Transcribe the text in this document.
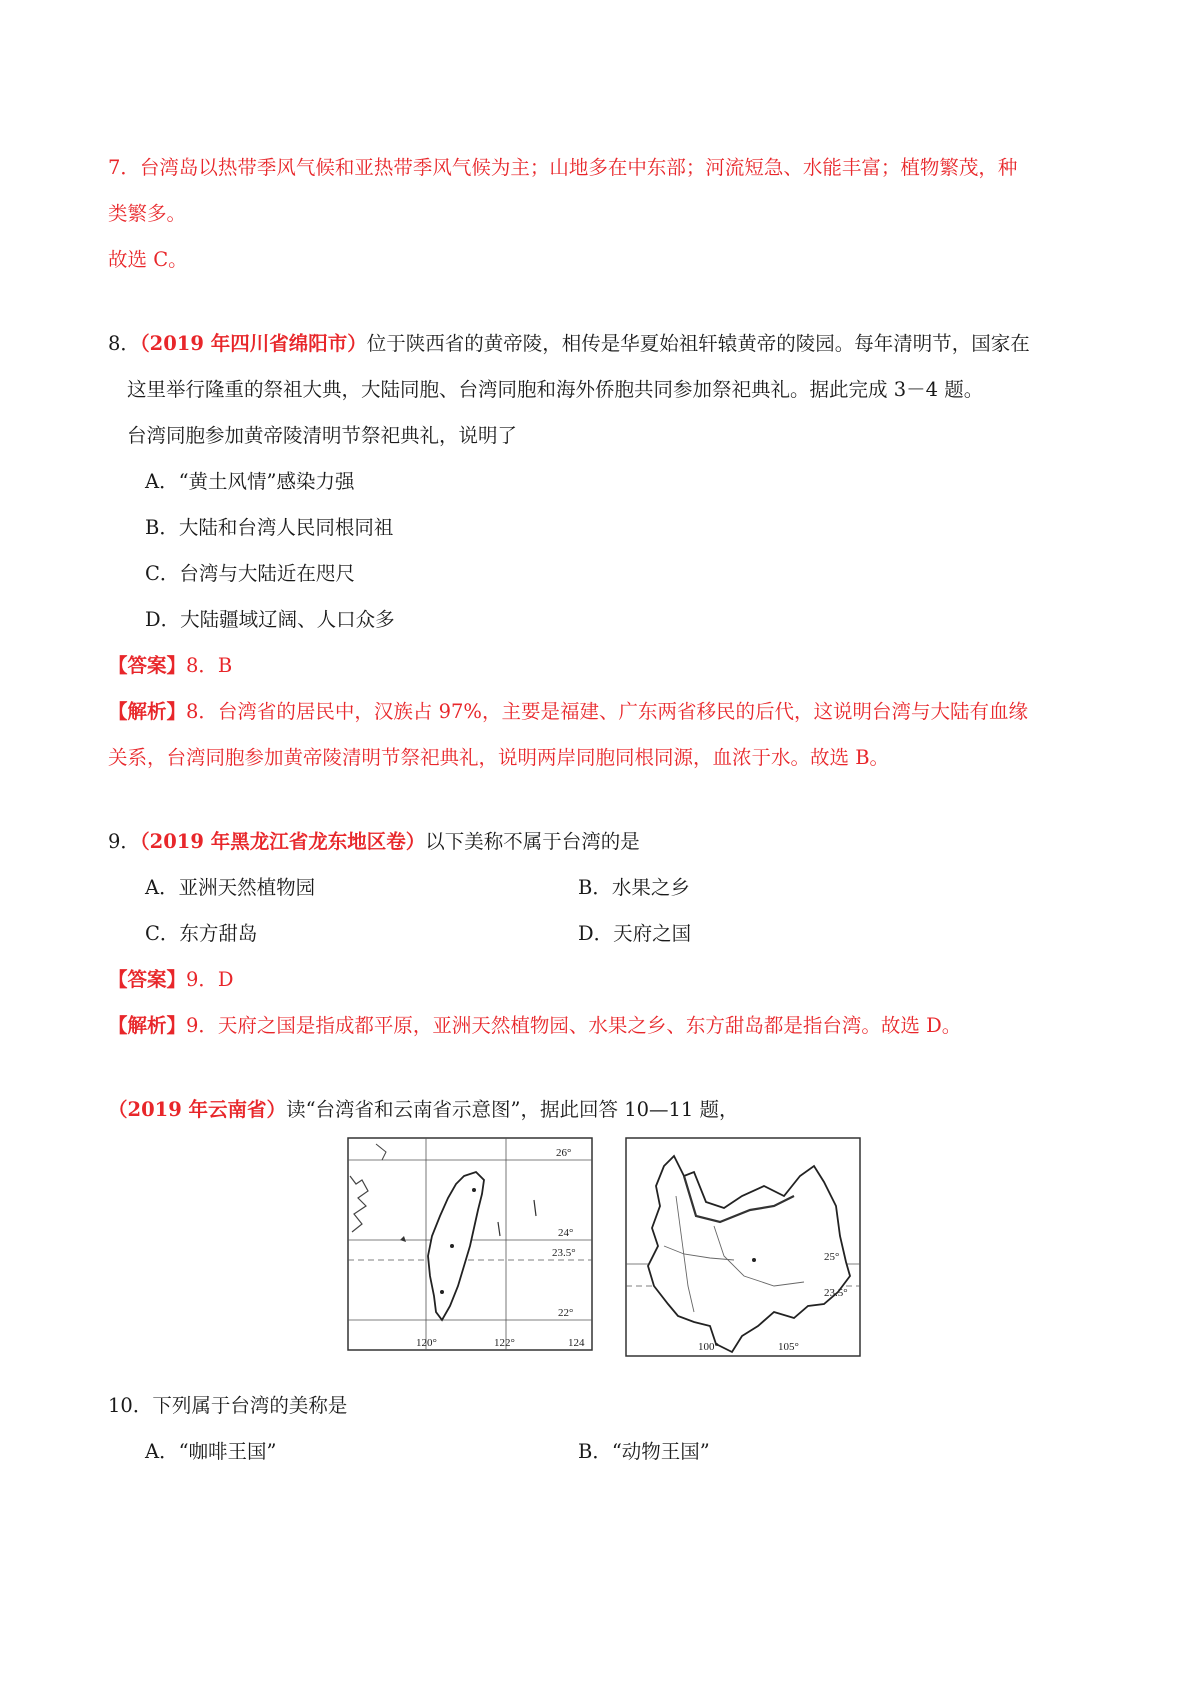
7．台湾岛以热带季风气候和亚热带季风气候为主；山地多在中东部；河流短急、水能丰富；植物繁茂，种
类繁多。
故选 C。
8．（2019 年四川省绵阳市）位于陕西省的黄帝陵，相传是华夏始祖轩辕黄帝的陵园。每年清明节，国家在
这里举行隆重的祭祖大典，大陆同胞、台湾同胞和海外侨胞共同参加祭祀典礼。据此完成 3－4 题。
台湾同胞参加黄帝陵清明节祭祀典礼，说明了
A．“黄土风情”感染力强
B．大陆和台湾人民同根同祖
C．台湾与大陆近在咫尺
D．大陆疆域辽阔、人口众多
【答案】8．B
【解析】8．台湾省的居民中，汉族占 97%，主要是福建、广东两省移民的后代，这说明台湾与大陆有血缘
关系，台湾同胞参加黄帝陵清明节祭祀典礼，说明两岸同胞同根同源，血浓于水。故选 B。
9．（2019 年黑龙江省龙东地区卷）以下美称不属于台湾的是
A．亚洲天然植物园	B．水果之乡
C．东方甜岛	D．天府之国
【答案】9．D
【解析】9．天府之国是指成都平原，亚洲天然植物园、水果之乡、东方甜岛都是指台湾。故选 D。
（2019 年云南省）读“台湾省和云南省示意图”，据此回答 10—11 题，
26°
24°
23.5°
22°
120°	122°	124
25°
23.5°
100°	105°
10．下列属于台湾的美称是
A．“咖啡王国”	B．“动物王国”
